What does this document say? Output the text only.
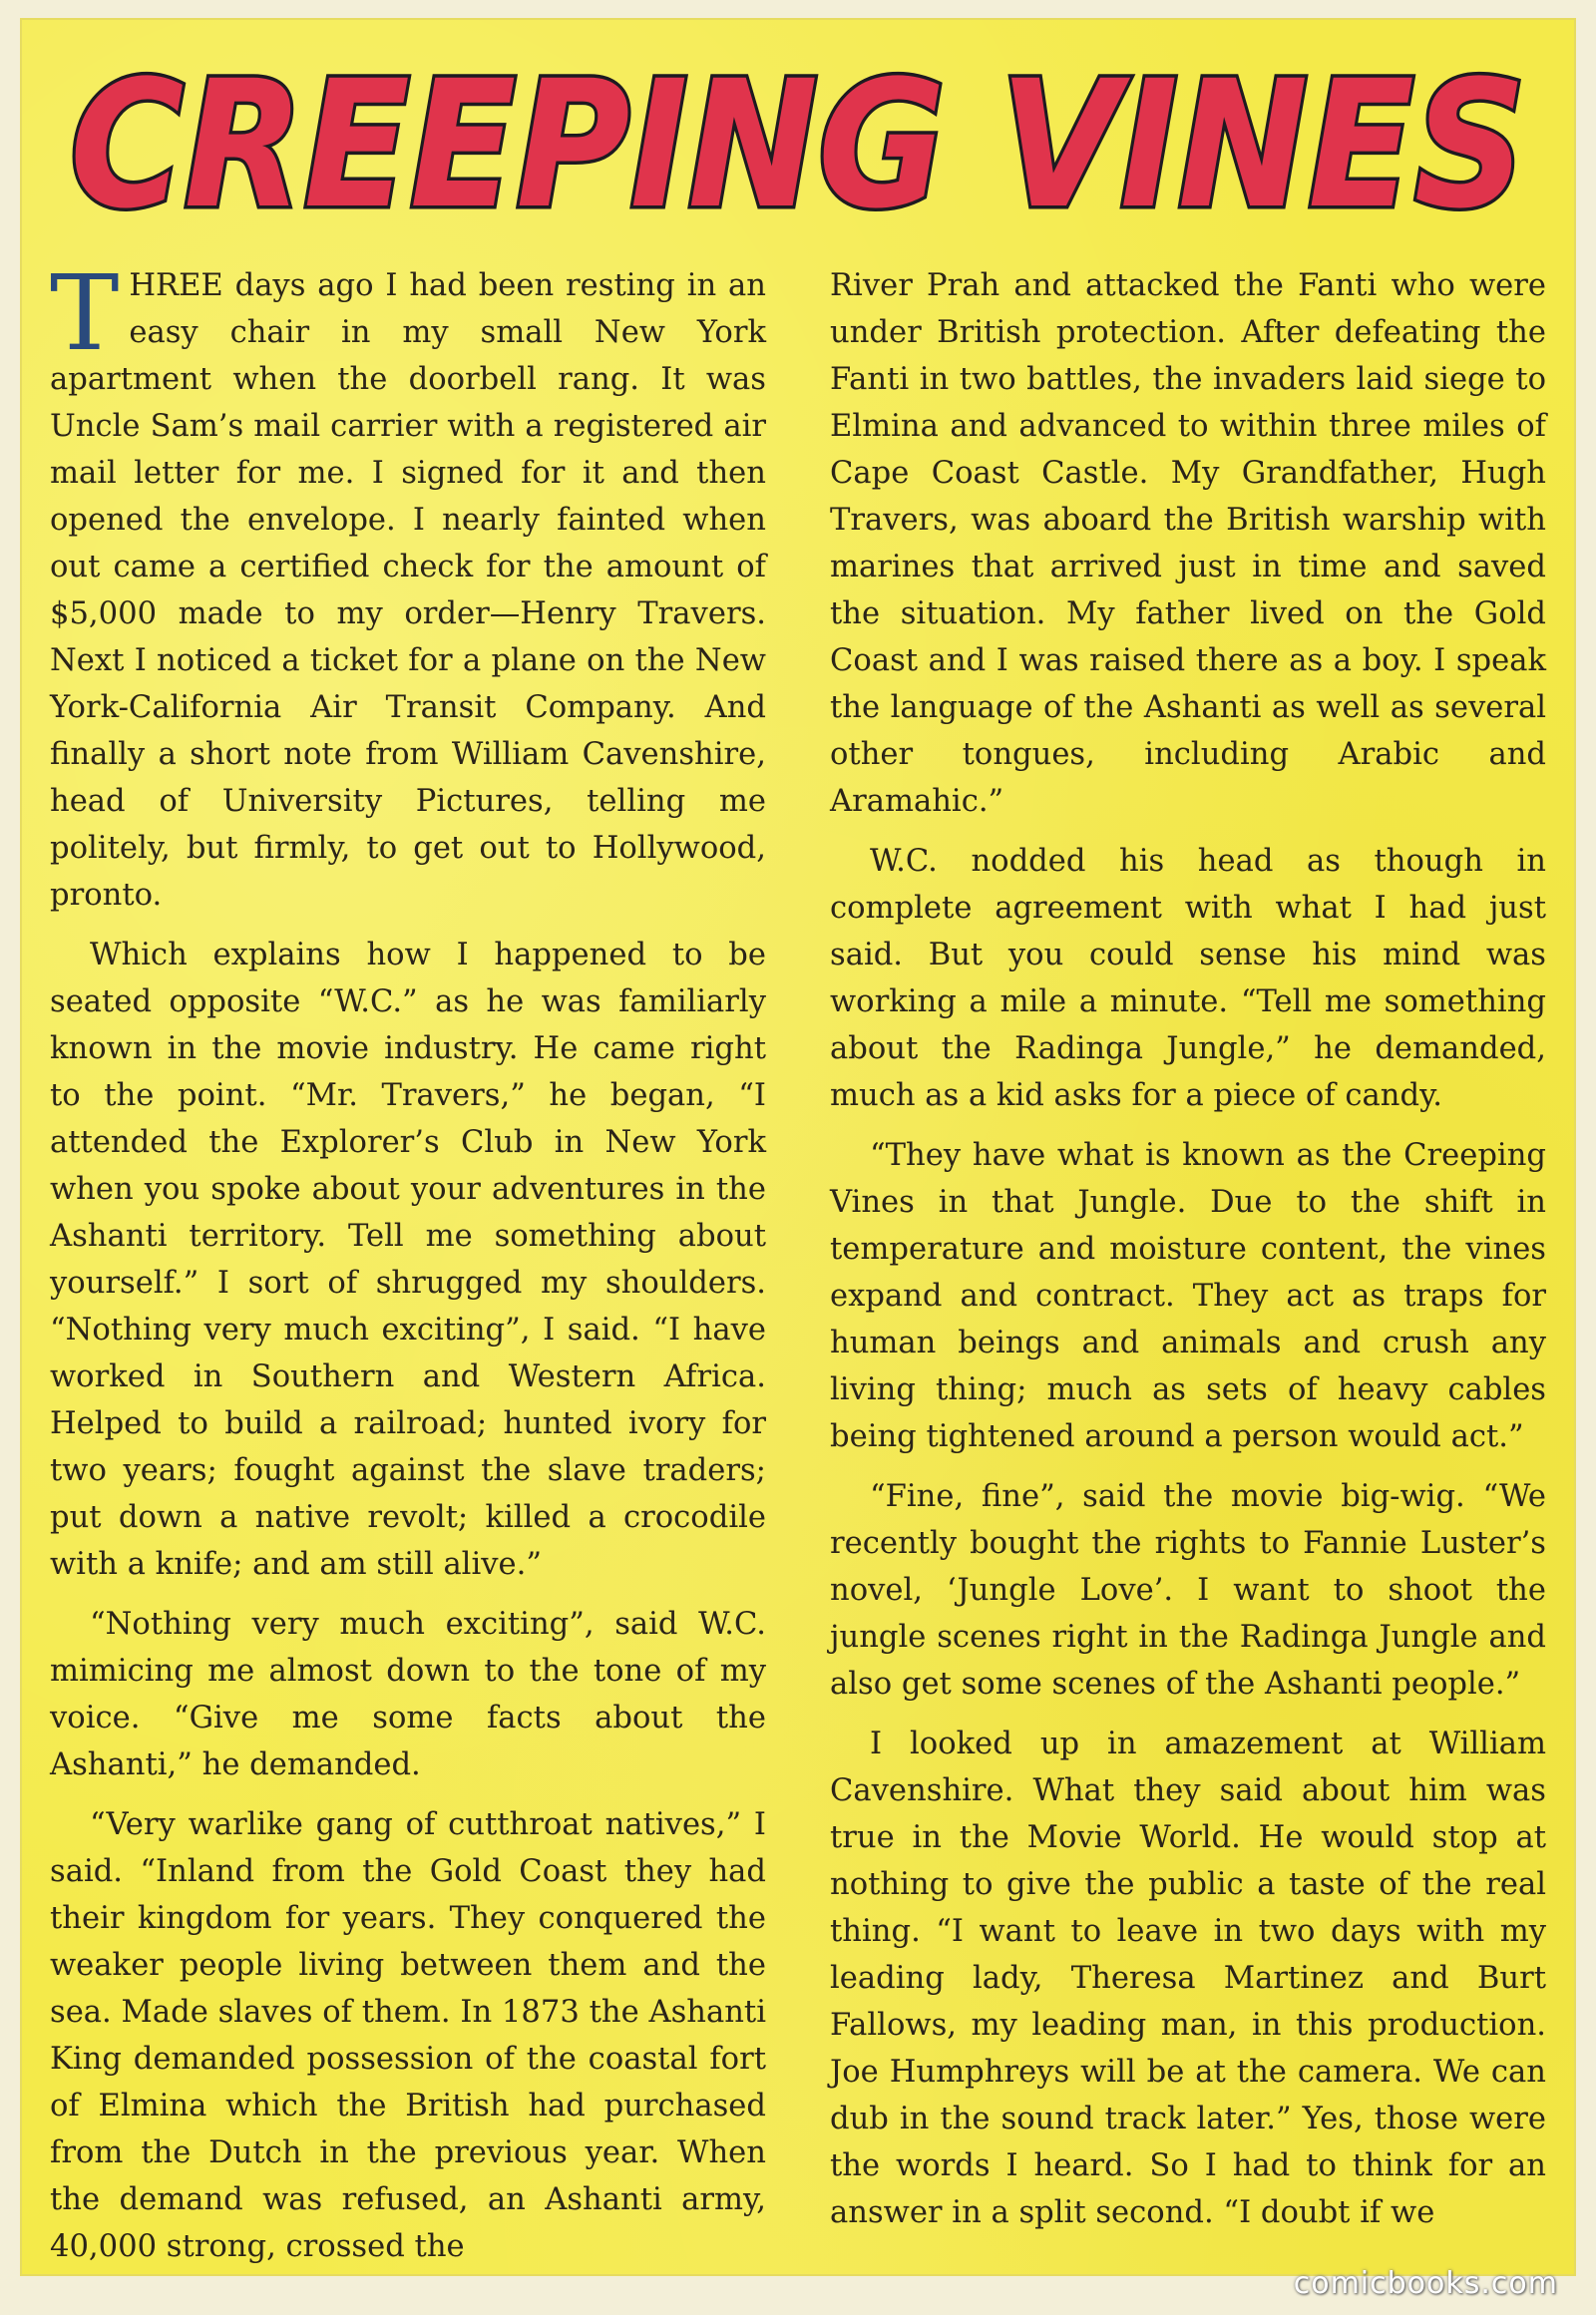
CREEPING VINES

THREE days ago I had been resting in an easy chair in my small New York apartment when the doorbell rang. It was Uncle Sam’s mail carrier with a registered air mail letter for me. I signed for it and then opened the envelope. I nearly fainted when out came a certified check for the amount of $5,000 made to my order—Henry Travers. Next I noticed a ticket for a plane on the New York-California Air Transit Company. And finally a short note from William Cavenshire, head of University Pictures, telling me politely, but firmly, to get out to Hollywood, pronto.

Which explains how I happened to be seated opposite “W.C.” as he was familiarly known in the movie industry. He came right to the point. “Mr. Travers,” he began, “I attended the Explorer’s Club in New York when you spoke about your adventures in the Ashanti territory. Tell me something about yourself.” I sort of shrugged my shoulders. “Nothing very much exciting”, I said. “I have worked in Southern and Western Africa. Helped to build a railroad; hunted ivory for two years; fought against the slave traders; put down a native revolt; killed a crocodile with a knife; and am still alive.”

“Nothing very much exciting”, said W.C. mimicing me almost down to the tone of my voice. “Give me some facts about the Ashanti,” he demanded.

“Very warlike gang of cutthroat natives,” I said. “Inland from the Gold Coast they had their kingdom for years. They conquered the weaker people living between them and the sea. Made slaves of them. In 1873 the Ashanti King demanded possession of the coastal fort of Elmina which the British had purchased from the Dutch in the previous year. When the demand was refused, an Ashanti army, 40,000 strong, crossed the

River Prah and attacked the Fanti who were under British protection. After defeating the Fanti in two battles, the invaders laid siege to Elmina and advanced to within three miles of Cape Coast Castle. My Grandfather, Hugh Travers, was aboard the British warship with marines that arrived just in time and saved the situation. My father lived on the Gold Coast and I was raised there as a boy. I speak the language of the Ashanti as well as several other tongues, including Arabic and Aramahic.”

W.C. nodded his head as though in complete agreement with what I had just said. But you could sense his mind was working a mile a minute. “Tell me something about the Radinga Jungle,” he demanded, much as a kid asks for a piece of candy.

“They have what is known as the Creeping Vines in that Jungle. Due to the shift in temperature and moisture content, the vines expand and contract. They act as traps for human beings and animals and crush any living thing; much as sets of heavy cables being tightened around a person would act.”

“Fine, fine”, said the movie big-wig. “We recently bought the rights to Fannie Luster’s novel, ‘Jungle Love’. I want to shoot the jungle scenes right in the Radinga Jungle and also get some scenes of the Ashanti people.”

I looked up in amazement at William Cavenshire. What they said about him was true in the Movie World. He would stop at nothing to give the public a taste of the real thing. “I want to leave in two days with my leading lady, Theresa Martinez and Burt Fallows, my leading man, in this production. Joe Humphreys will be at the camera. We can dub in the sound track later.” Yes, those were the words I heard. So I had to think for an answer in a split second. “I doubt if we

comicbooks.com
